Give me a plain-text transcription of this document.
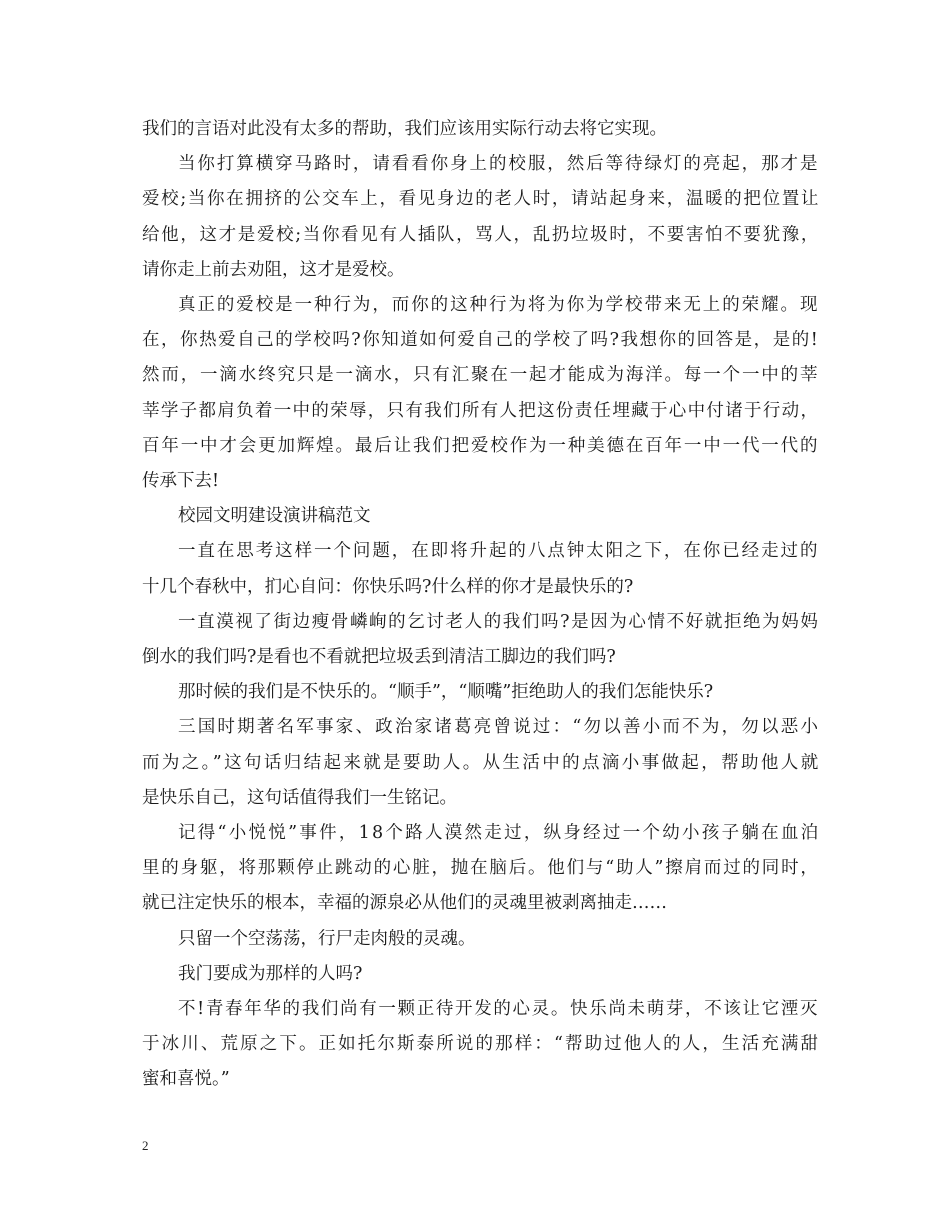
我们的言语对此没有太多的帮助，我们应该用实际行动去将它实现。
当你打算横穿马路时，请看看你身上的校服，然后等待绿灯的亮起，那才是
爱校;当你在拥挤的公交车上，看见身边的老人时，请站起身来，温暖的把位置让
给他，这才是爱校;当你看见有人插队，骂人，乱扔垃圾时，不要害怕不要犹豫，
请你走上前去劝阻，这才是爱校。
真正的爱校是一种行为，而你的这种行为将为你为学校带来无上的荣耀。现
在，你热爱自己的学校吗?你知道如何爱自己的学校了吗?我想你的回答是，是的!
然而，一滴水终究只是一滴水，只有汇聚在一起才能成为海洋。每一个一中的莘
莘学子都肩负着一中的荣辱，只有我们所有人把这份责任埋藏于心中付诸于行动，
百年一中才会更加辉煌。最后让我们把爱校作为一种美德在百年一中一代一代的
传承下去!
校园文明建设演讲稿范文
一直在思考这样一个问题，在即将升起的八点钟太阳之下，在你已经走过的
十几个春秋中，扪心自问：你快乐吗?什么样的你才是最快乐的?
一直漠视了街边瘦骨嶙峋的乞讨老人的我们吗?是因为心情不好就拒绝为妈妈
倒水的我们吗?是看也不看就把垃圾丢到清洁工脚边的我们吗?
那时候的我们是不快乐的。“顺手”，“顺嘴”拒绝助人的我们怎能快乐?
三国时期著名军事家、政治家诸葛亮曾说过：“勿以善小而不为，勿以恶小
而为之。”这句话归结起来就是要助人。从生活中的点滴小事做起，帮助他人就
是快乐自己，这句话值得我们一生铭记。
记得“小悦悦”事件，18个路人漠然走过，纵身经过一个幼小孩子躺在血泊
里的身躯，将那颗停止跳动的心脏，抛在脑后。他们与“助人”擦肩而过的同时，
就已注定快乐的根本，幸福的源泉必从他们的灵魂里被剥离抽走……
只留一个空荡荡，行尸走肉般的灵魂。
我门要成为那样的人吗?
不!青春年华的我们尚有一颗正待开发的心灵。快乐尚未萌芽，不该让它湮灭
于冰川、荒原之下。正如托尔斯泰所说的那样：“帮助过他人的人，生活充满甜
蜜和喜悦。”
2
